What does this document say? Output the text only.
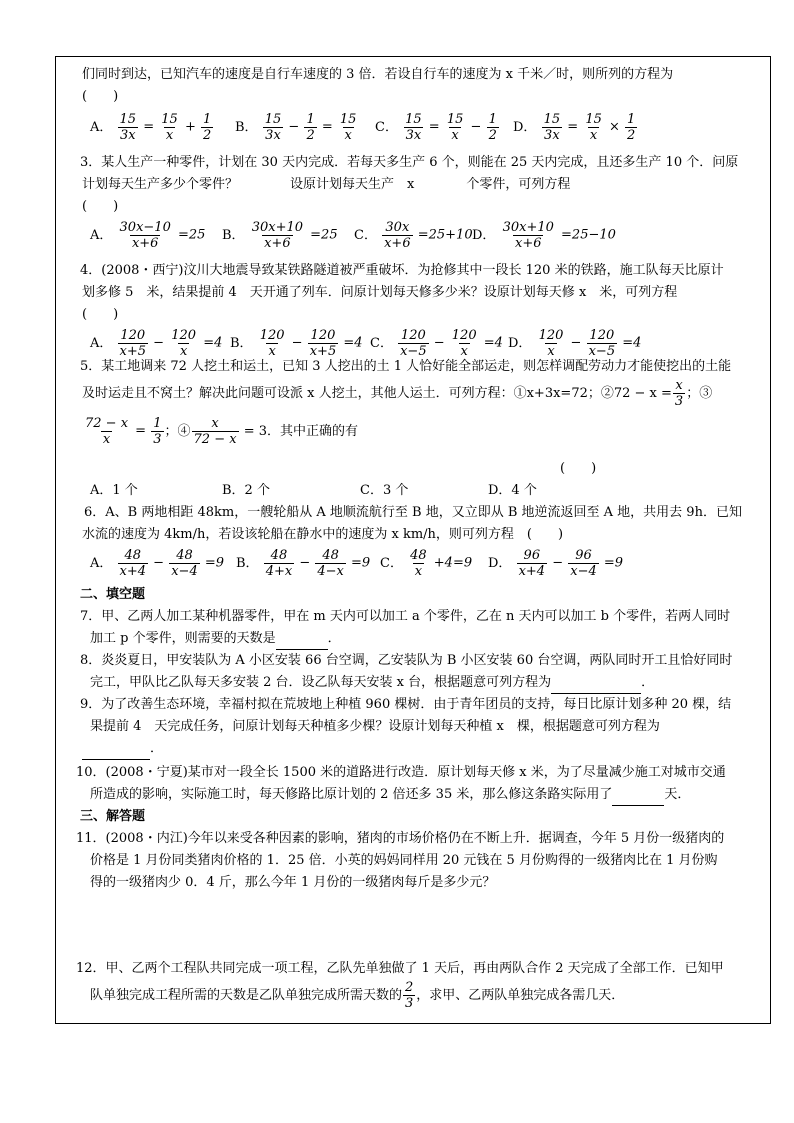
们同时到达，已知汽车的速度是自行车速度的 3 倍．若设自行车的速度为 x 千米／时，则所列的方程为
(　　)
A． $\frac{15}{3x} = \frac{15}{x} + \frac{1}{2}$ B． $\frac{15}{3x} - \frac{1}{2} = \frac{15}{x}$ C． $\frac{15}{3x} = \frac{15}{x} - \frac{1}{2}$ D． $\frac{15}{3x} = \frac{15}{x} \times \frac{1}{2}$
3．某人生产一种零件，计划在 30 天内完成．若每天多生产 6 个，则能在 25 天内完成，且还多生产 10 个．问原
计划每天生产多少个零件？　　　　设原计划每天生产　x　　　　个零件，可列方程
(　　)
A． $\frac{30x-10}{x+6} =25$ B． $\frac{30x+10}{x+6} =25$ C． $\frac{30x}{x+6} =25+10$ D． $\frac{30x+10}{x+6} =25-10$
4．(2008・西宁)汶川大地震导致某铁路隧道被严重破坏．为抢修其中一段长 120 米的铁路，施工队每天比原计
划多修 5　米，结果提前 4　天开通了列车．问原计划每天修多少米？设原计划每天修 x　米，可列方程
(　　)
A． $\frac{120}{x+5} - \frac{120}{x} =4$ B． $\frac{120}{x} - \frac{120}{x+5} =4$ C． $\frac{120}{x-5} - \frac{120}{x} =4$ D． $\frac{120}{x} - \frac{120}{x-5} =4$
5．某工地调来 72 人挖土和运土，已知 3 人挖出的土 1 人恰好能全部运走，则怎样调配劳动力才能使挖出的土能
及时运走且不窝土？解决此问题可设派 x 人挖土，其他人运土．可列方程：①x+3x=72；②72 − $x = \frac{x}{3}$ ；③
$\frac{72 - x}{x} = \frac{1}{3}$ ；④ $\frac{x}{72 - x} = 3$．其中正确的有
(　　)
A．1 个	B．2 个	C．3 个	D．4 个
6．A、B 两地相距 48km，一艘轮船从 A 地顺流航行至 B 地，又立即从 B 地逆流返回至 A 地，共用去 9h．已知
水流的速度为 4km/h，若设该轮船在静水中的速度为 x km/h，则可列方程　(　　)
A． $\frac{48}{x+4} - \frac{48}{x-4} =9$ B． $\frac{48}{4+x} - \frac{48}{4-x} =9$ C． $\frac{48}{x} +4=9$ D． $\frac{96}{x+4} - \frac{96}{x-4} =9$
二、填空题
7．甲、乙两人加工某种机器零件，甲在 m 天内可以加工 a 个零件，乙在 n 天内可以加工 b 个零件，若两人同时
加工 p 个零件，则需要的天数是	．
8．炎炎夏日，甲安装队为 A 小区安装 66 台空调，乙安装队为 B 小区安装 60 台空调，两队同时开工且恰好同时
完工，甲队比乙队每天多安装 2 台．设乙队每天安装 x 台，根据题意可列方程为	．
9．为了改善生态环境，幸福村拟在荒坡地上种植 960 棵树．由于青年团员的支持，每日比原计划多种 20 棵，结
果提前 4　天完成任务，问原计划每天种植多少棵？设原计划每天种植 x　棵，根据题意可列方程为
．
10．(2008・宁夏)某市对一段全长 1500 米的道路进行改造．原计划每天修 x 米，为了尽量减少施工对城市交通
所造成的影响，实际施工时，每天修路比原计划的 2 倍还多 35 米，那么修这条路实际用了	天．
三、解答题
11．(2008・内江)今年以来受各种因素的影响，猪肉的市场价格仍在不断上升．据调查，今年 5 月份一级猪肉的
价格是 1 月份同类猪肉价格的 1．25 倍．小英的妈妈同样用 20 元钱在 5 月份购得的一级猪肉比在 1 月份购
得的一级猪肉少 0．4 斤，那么今年 1 月份的一级猪肉每斤是多少元？
12．甲、乙两个工程队共同完成一项工程，乙队先单独做了 1 天后，再由两队合作 2 天完成了全部工作．已知甲
队单独完成工程所需的天数是乙队单独完成所需天数的 $\frac{2}{3}$ ，求甲、乙两队单独完成各需几天．
